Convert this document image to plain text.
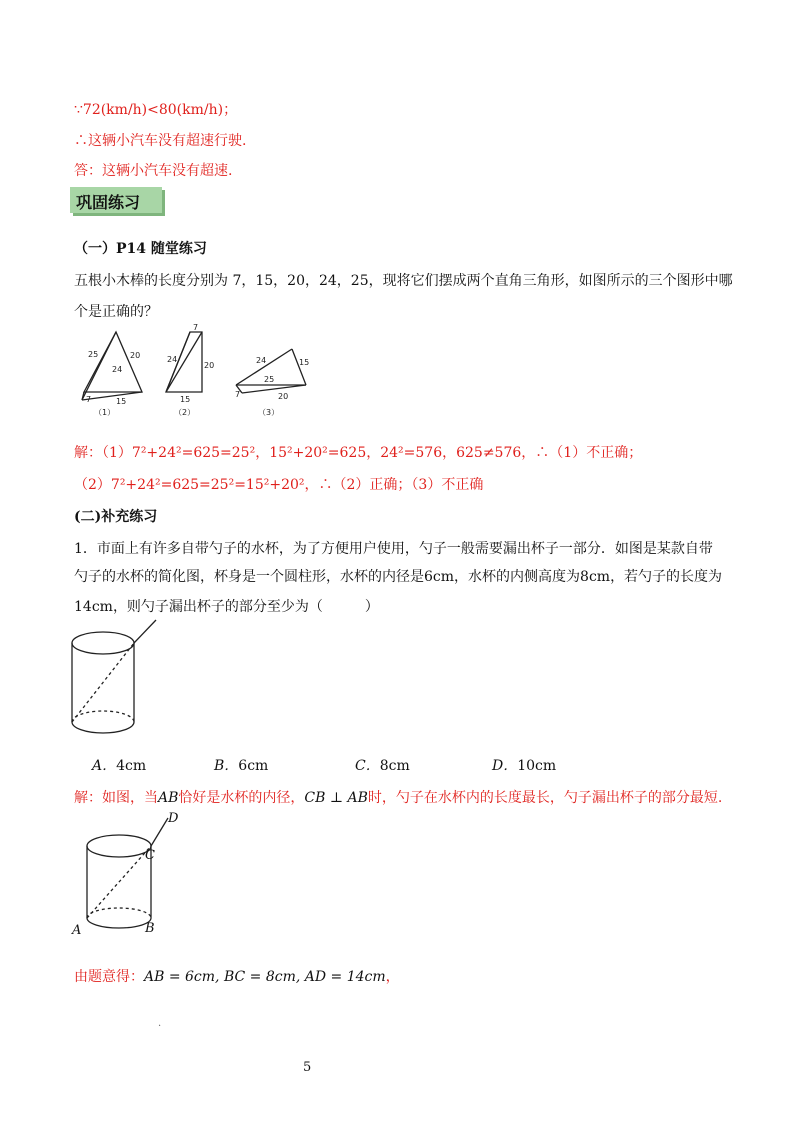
∵72(km/h)<80(km/h)；
∴这辆小汽车没有超速行驶.
答：这辆小汽车没有超速.
巩固练习
（一）P14 随堂练习
五根小木棒的长度分别为 7，15，20，24，25，现将它们摆成两个直角三角形，如图所示的三个图形中哪
个是正确的？
25	20
24
7	15
（1）
7
24
20
15
（2）
24	15
25
7	20
（3）
解：（1）7²+24²=625=25²，15²+20²=625，24²=576，625≠576，∴（1）不正确；
（2）7²+24²=625=25²=15²+20²，∴（2）正确；（3）不正确
(二)补充练习
1．市面上有许多自带勺子的水杯，为了方便用户使用，勺子一般需要漏出杯子一部分．如图是某款自带
勺子的水杯的简化图，杯身是一个圆柱形，水杯的内径是6cm，水杯的内侧高度为8cm，若勺子的长度为
14cm，则勺子漏出杯子的部分至少为（　　　）
A．4cm	B．6cm	C．8cm	D．10cm
解：如图，当AB恰好是水杯的内径，CB ⊥ AB时，勺子在水杯内的长度最长，勺子漏出杯子的部分最短.
D
C
A	B
由题意得：AB = 6cm, BC = 8cm, AD = 14cm，
.
5
